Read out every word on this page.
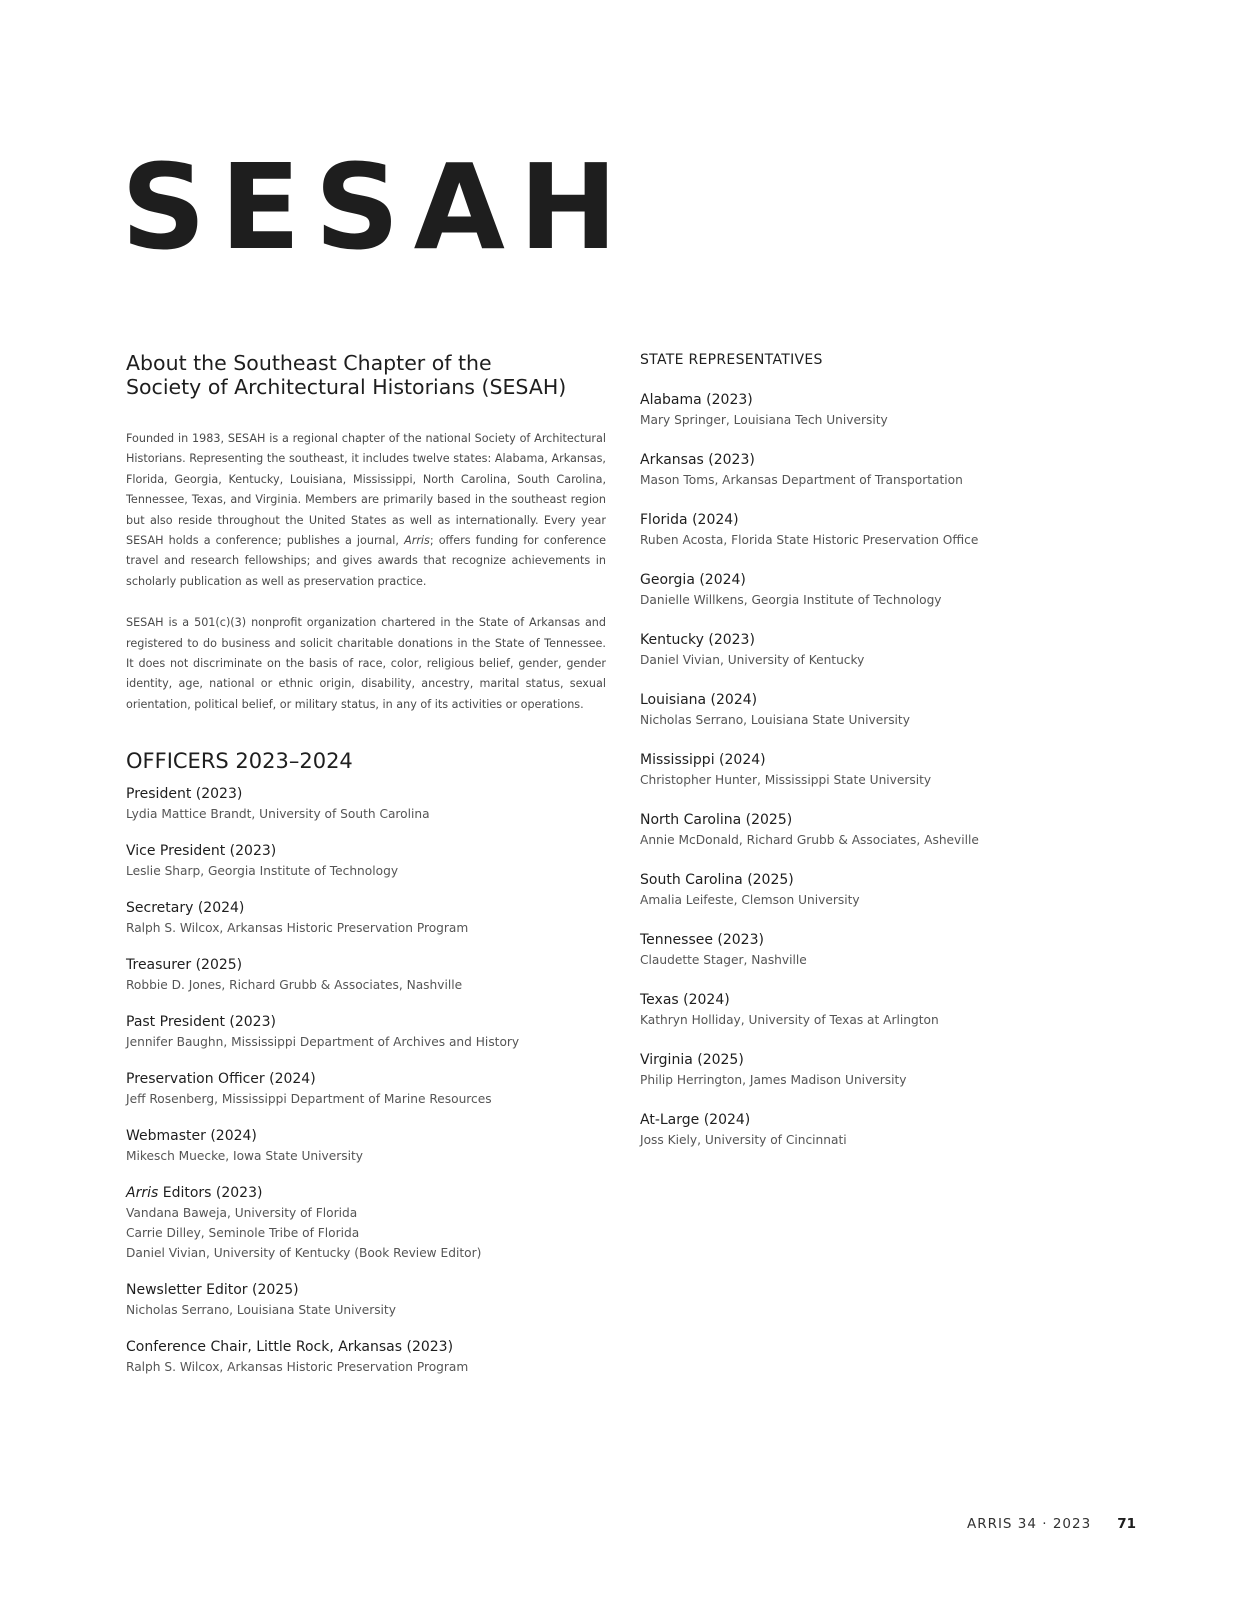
SESAH
About the Southeast Chapter of the
Society of Architectural Historians (SESAH)

Founded in 1983, SESAH is a regional chapter of the national Society of Architectural Historians. Representing the southeast, it includes twelve states: Alabama, Arkansas, Florida, Georgia, Kentucky, Louisiana, Mississippi, North Carolina, South Carolina, Tennessee, Texas, and Virginia. Members are primarily based in the southeast region but also reside throughout the United States as well as internationally. Every year SESAH holds a conference; publishes a journal, Arris; offers funding for conference travel and research fellowships; and gives awards that recognize achievements in scholarly publication as well as preservation practice.

SESAH is a 501(c)(3) nonprofit organization chartered in the State of Arkansas and registered to do business and solicit charitable donations in the State of Tennessee. It does not discriminate on the basis of race, color, religious belief, gender, gender identity, age, national or ethnic origin, disability, ancestry, marital status, sexual orientation, political belief, or military status, in any of its activities or operations.

OFFICERS 2023–2024
President (2023)
Lydia Mattice Brandt, University of South Carolina
Vice President (2023)
Leslie Sharp, Georgia Institute of Technology
Secretary (2024)
Ralph S. Wilcox, Arkansas Historic Preservation Program
Treasurer (2025)
Robbie D. Jones, Richard Grubb & Associates, Nashville
Past President (2023)
Jennifer Baughn, Mississippi Department of Archives and History
Preservation Officer (2024)
Jeff Rosenberg, Mississippi Department of Marine Resources
Webmaster (2024)
Mikesch Muecke, Iowa State University
Arris Editors (2023)
Vandana Baweja, University of Florida
Carrie Dilley, Seminole Tribe of Florida
Daniel Vivian, University of Kentucky (Book Review Editor)
Newsletter Editor (2025)
Nicholas Serrano, Louisiana State University
Conference Chair, Little Rock, Arkansas (2023)
Ralph S. Wilcox, Arkansas Historic Preservation Program
STATE REPRESENTATIVES
Alabama (2023)
Mary Springer, Louisiana Tech University
Arkansas (2023)
Mason Toms, Arkansas Department of Transportation
Florida (2024)
Ruben Acosta, Florida State Historic Preservation Office
Georgia (2024)
Danielle Willkens, Georgia Institute of Technology
Kentucky (2023)
Daniel Vivian, University of Kentucky
Louisiana (2024)
Nicholas Serrano, Louisiana State University
Mississippi (2024)
Christopher Hunter, Mississippi State University
North Carolina (2025)
Annie McDonald, Richard Grubb & Associates, Asheville
South Carolina (2025)
Amalia Leifeste, Clemson University
Tennessee (2023)
Claudette Stager, Nashville
Texas (2024)
Kathryn Holliday, University of Texas at Arlington
Virginia (2025)
Philip Herrington, James Madison University
At-Large (2024)
Joss Kiely, University of Cincinnati
ARRIS 34 · 2023 71
